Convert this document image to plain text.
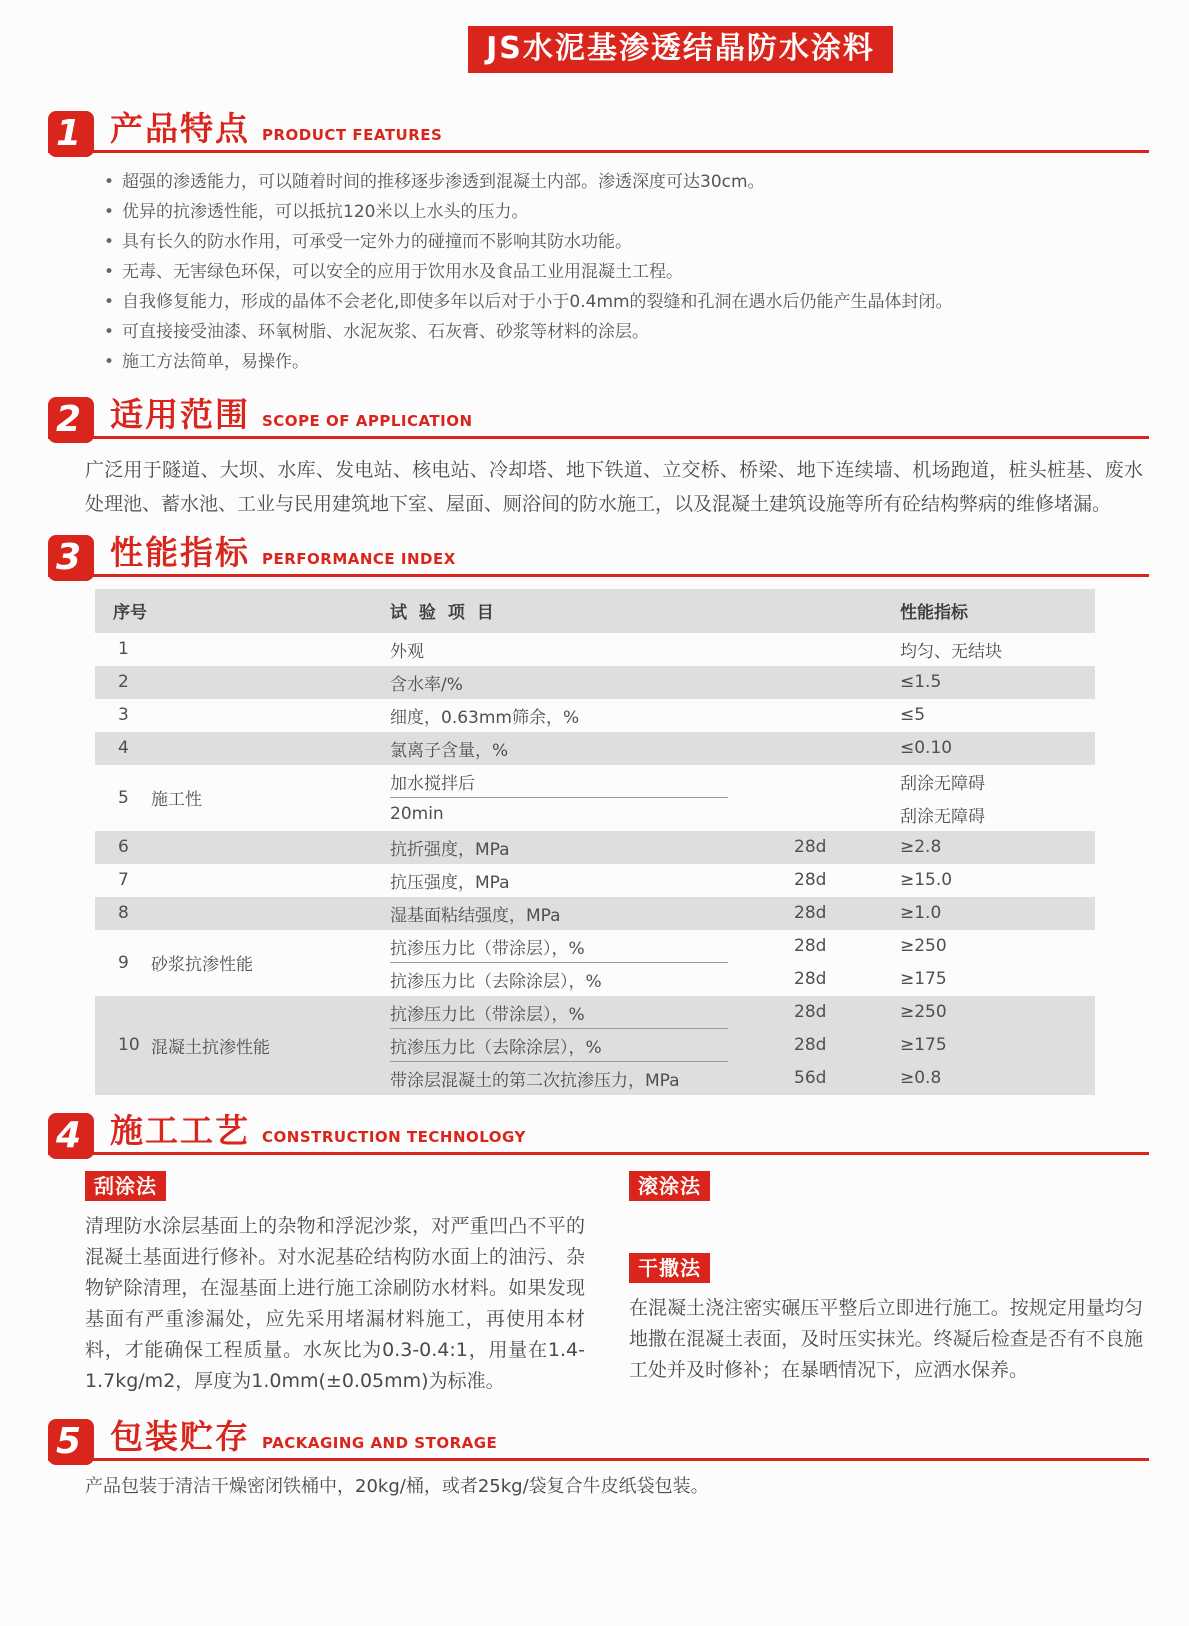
JS水泥基渗透结晶防水涂料
1 产品特点 PRODUCT FEATURES
• 超强的渗透能力，可以随着时间的推移逐步渗透到混凝土内部。渗透深度可达30cm。
• 优异的抗渗透性能，可以抵抗120米以上水头的压力。
• 具有长久的防水作用，可承受一定外力的碰撞而不影响其防水功能。
• 无毒、无害绿色环保，可以安全的应用于饮用水及食品工业用混凝土工程。
• 自我修复能力，形成的晶体不会老化,即使多年以后对于小于0.4mm的裂缝和孔洞在遇水后仍能产生晶体封闭。
• 可直接接受油漆、环氧树脂、水泥灰浆、石灰膏、砂浆等材料的涂层。
• 施工方法简单，易操作。
2 适用范围 SCOPE OF APPLICATION

广泛用于隧道、大坝、水库、发电站、核电站、冷却塔、地下铁道、立交桥、桥梁、地下连续墙、机场跑道，桩头桩基、废水处理池、蓄水池、工业与民用建筑地下室、屋面、厕浴间的防水施工，以及混凝土建筑设施等所有砼结构弊病的维修堵漏。

3 性能指标 PERFORMANCE INDEX
序号	试 验 项 目	性能指标
1	外观	均匀、无结块
2	含水率/%	≤1.5
3	细度，0.63mm筛余，%	≤5
4	氯离子含量，%	≤0.10
5	施工性
加水搅拌后	刮涂无障碍
20min	刮涂无障碍
6	抗折强度，MPa	28d	≥2.8
7	抗压强度，MPa	28d	≥15.0
8	湿基面粘结强度，MPa	28d	≥1.0
9	砂浆抗渗性能
抗渗压力比（带涂层），%	28d	≥250
抗渗压力比（去除涂层），%	28d	≥175
10 混凝土抗渗性能
抗渗压力比（带涂层），%	28d	≥250
抗渗压力比（去除涂层），%	28d	≥175
带涂层混凝土的第二次抗渗压力，MPa	56d	≥0.8
4 施工工艺 CONSTRUCTION TECHNOLOGY
刮涂法
清理防水涂层基面上的杂物和浮泥沙浆，对严重凹凸不平的混凝土基面进行修补。对水泥基砼结构防水面上的油污、杂物铲除清理，在湿基面上进行施工涂刷防水材料。如果发现基面有严重渗漏处，应先采用堵漏材料施工，再使用本材料，才能确保工程质量。水灰比为0.3-0.4:1，用量在1.4-1.7kg/m2，厚度为1.0mm(±0.05mm)为标准。
滚涂法
干撒法
在混凝土浇注密实碾压平整后立即进行施工。按规定用量均匀地撒在混凝土表面，及时压实抹光。终凝后检查是否有不良施工处并及时修补；在暴晒情况下，应洒水保养。
5 包装贮存 PACKAGING AND STORAGE

产品包装于清洁干燥密闭铁桶中，20kg/桶，或者25kg/袋复合牛皮纸袋包装。
